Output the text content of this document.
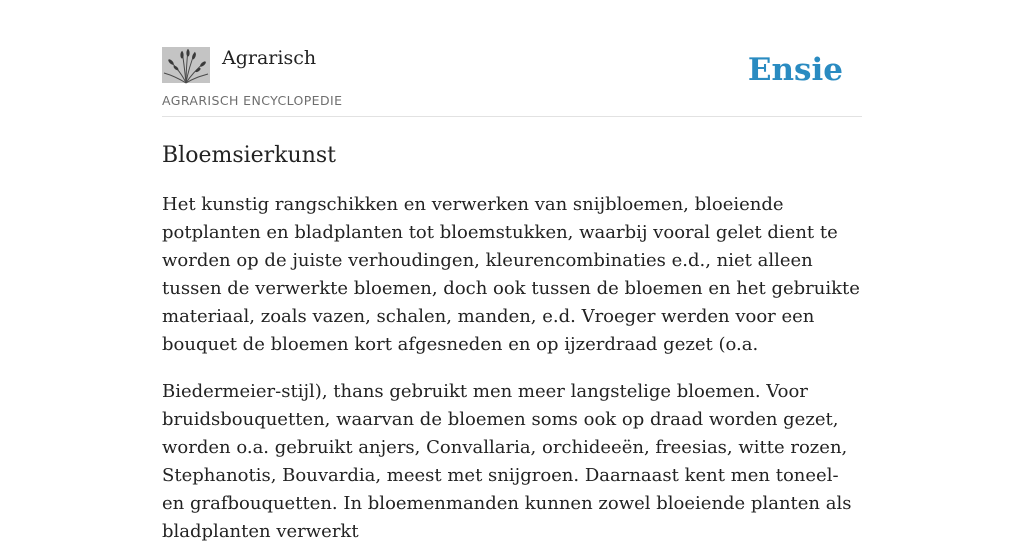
Agrarisch
AGRARISCH ENCYCLOPEDIE
Ensie
Bloemsierkunst

Het kunstig rangschikken en verwerken van snijbloemen, bloeiende potplanten en bladplanten tot bloemstukken, waarbij vooral gelet dient te worden op de juiste verhoudingen, kleurencombinaties e.d., niet alleen tussen de verwerkte bloemen, doch ook tussen de bloemen en het gebruikte materiaal, zoals vazen, schalen, manden, e.d. Vroeger werden voor een bouquet de bloemen kort afgesneden en op ijzerdraad gezet (o.a.

Biedermeier-stijl), thans gebruikt men meer langstelige bloemen. Voor bruidsbouquetten, waarvan de bloemen soms ook op draad worden gezet, worden o.a. gebruikt anjers, Convallaria, orchideeën, freesias, witte rozen, Stephanotis, Bouvardia, meest met snijgroen. Daarnaast kent men toneel- en grafbouquetten. In bloemenmanden kunnen zowel bloeiende planten als bladplanten verwerkt
